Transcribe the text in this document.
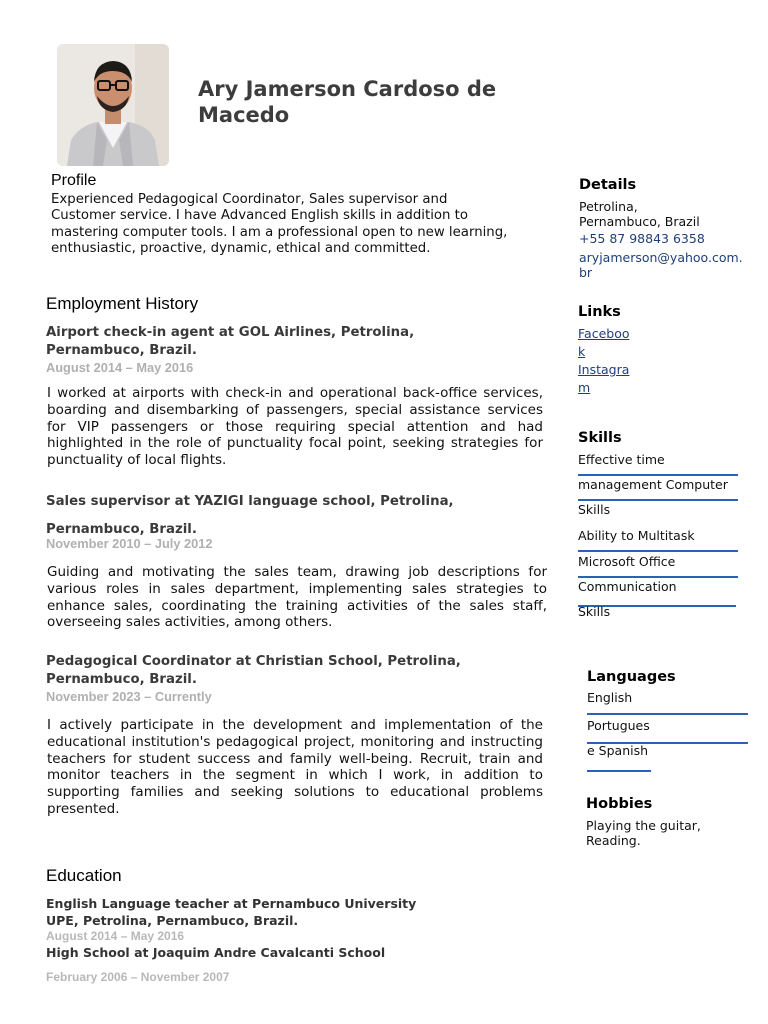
Ary Jamerson Cardoso de
Macedo
Profile
Experienced Pedagogical Coordinator, Sales supervisor and
Customer service. I have Advanced English skills in addition to
mastering computer tools. I am a professional open to new learning,
enthusiastic, proactive, dynamic, ethical and committed.
Employment History
Airport check-in agent at GOL Airlines, Petrolina,
Pernambuco, Brazil.
August 2014 – May 2016
I worked at airports with check-in and operational back-office services, boarding and disembarking of passengers, special assistance services for VIP passengers or those requiring special attention and had highlighted in the role of punctuality focal point, seeking strategies for punctuality of local flights.
Sales supervisor at YAZIGI language school, Petrolina,
Pernambuco, Brazil.
November 2010 – July 2012
Guiding and motivating the sales team, drawing job descriptions for various roles in sales department, implementing sales strategies to enhance sales, coordinating the training activities of the sales staff, overseeing sales activities, among others.
Pedagogical Coordinator at Christian School, Petrolina,
Pernambuco, Brazil.
November 2023 – Currently
I actively participate in the development and implementation of the educational institution's pedagogical project, monitoring and instructing teachers for student success and family well-being. Recruit, train and monitor teachers in the segment in which I work, in addition to supporting families and seeking solutions to educational problems presented.
Education
English Language teacher at Pernambuco University
UPE, Petrolina, Pernambuco, Brazil.
August 2014 – May 2016
High School at Joaquim Andre Cavalcanti School
February 2006 – November 2007
Details
Petrolina,
Pernambuco, Brazil
+55 87 98843 6358
aryjamerson@yahoo.com.
br
Links
Faceboo
k
Instagra
m
Skills
Effective time
management Computer
Skills
Ability to Multitask
Microsoft Office
Communication
Skills
Languages
English
Portugues
e Spanish
Hobbies
Playing the guitar,
Reading.
